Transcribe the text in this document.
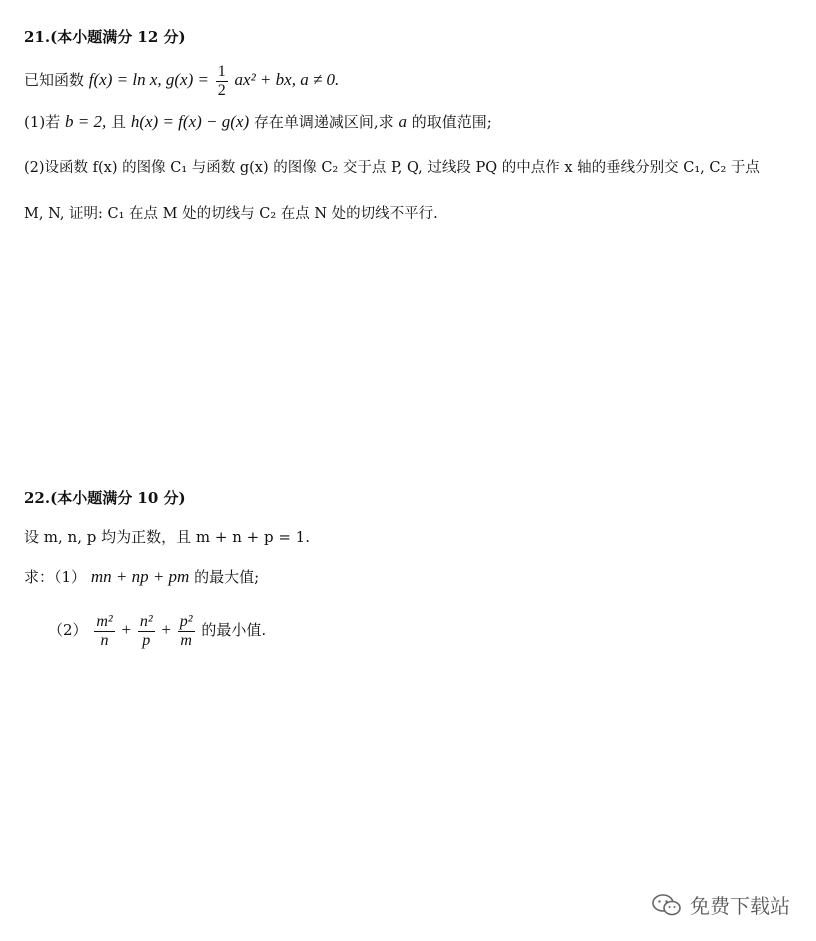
21.(本小题满分 12 分)
已知函数 f(x) = ln x, $g(x) = \frac{1}{2} ax^2$ + bx, a ≠ 0.
(1)若 b = 2, 且 h(x) = f(x) − g(x) 存在单调递减区间,求 a 的取值范围;
(2)设函数 f(x) 的图像 C₁ 与函数 g(x) 的图像 C₂ 交于点 P, Q, 过线段 PQ 的中点作 x 轴的垂线分别交 C₁, C₂ 于点
M, N, 证明: C₁ 在点 M 处的切线与 C₂ 在点 N 处的切线不平行.
22.(本小题满分 10 分)
设 m, n, p 均为正数，且 m + n + p = 1.
求：（1） mn + np + pm 的最大值;
$(2) \frac{\text{m²}}{n} + \frac{\text{n²}}{p} + \frac{\text{p²}}{m}$ 的最小值.
免费下载站
